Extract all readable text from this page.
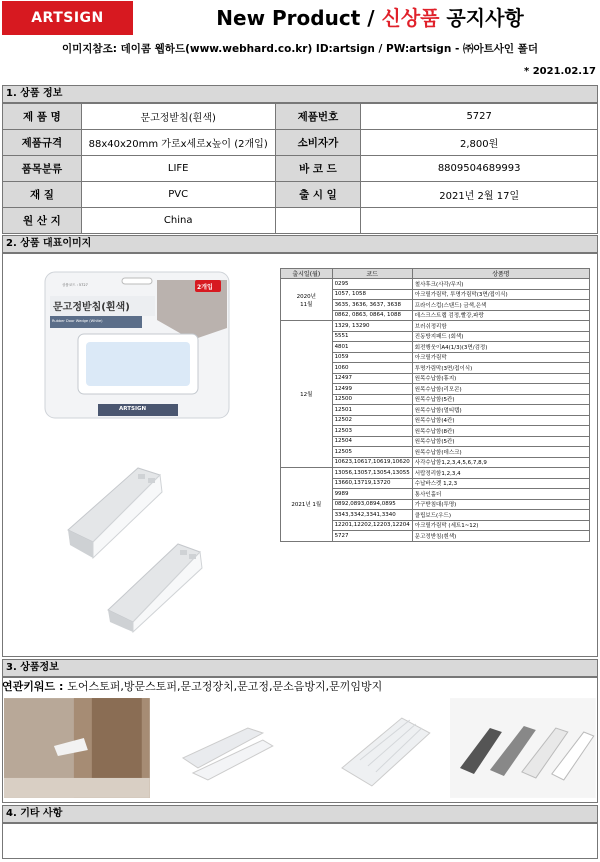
ARTSIGN	New Product / 신상품 공지사항
이미지참조: 데이콤 웹하드(www.webhard.co.kr) ID:artsign / PW:artsign - ㈜아트사인 폴더
* 2021.02.17
1. 상품 정보
제 품 명	문고정받침(흰색)	제품번호	5727
제품규격	88x40x20mm 가로x세로x높이 (2개입)	소비자가	2,800원
품목분류	LIFE	바 코 드	8809504689993
재 질	PVC	출 시 일	2021년 2월 17일
원 산 지	China		
2. 상품 대표이미지
상품코드 : 5727
문고정받침(흰색)
Rubber Door Wedge (White)
2개입
ARTSIGN
출시일(월)	코드	상품명
2020년
11월	0295	철사후크(사각/무지)
	1057, 1058	아크릴가림막, 투명가림막(3면/접이식)
	3635, 3636, 3637, 3638	프라이스컵(스탠드) 금색,은색
	0862, 0863, 0864, 1088	데스크스트랩 검정,빨강,파랑
12월	1329, 13290	브러쉬정리함
	5551	진동방지패드 (회색)
	4801	회전행웃이A4(1/3)(3면/검정)
	1059	아크릴가림막
	1060	투명가림막(3면/접이식)
	12497	원목수납함(휴지)
	12499	원목수납함(리모콘)
	12500	원목수납함(5칸)
	12501	원목수납함(멀티탭)
	12502	원목수납함(4칸)
	12503	원목수납함(8칸)
	12504	원목수납함(5칸)
	12505	원목수납함(데스크)
	10623,10617,10619,10620	사각수납함1,2,3,4,5,6,7,8,9
2021년 1월	13056,13057,13054,13055	서랍정리함1,2,3,4
	13660,13719,13720	수납바스켓 1,2,3
	9989	통사인홀더
	0892,0893,0894,0895	가구받침대(투명)
	3343,3342,3341,3340	클립보드(우드)
	12201,12202,12203,12204	아크릴가림막 (세트1~12)
	5727	문고정받침(흰색)
3. 상품정보
연관키워드 : 도어스토퍼,방문스토퍼,문고정장치,문고정,문소음방지,문끼임방지
4. 기타 사항
